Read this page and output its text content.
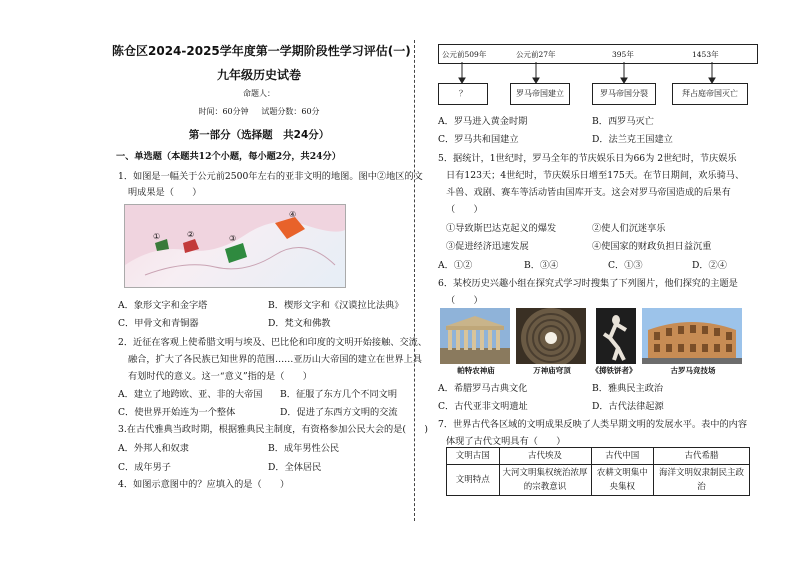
陈仓区2024-2025学年度第一学期阶段性学习评估(一)
九年级历史试卷
命题人：
时间：60分钟 试题分数：60分
第一部分（选择题　共24分）
一、单选题（本题共12个小题，每小题2分，共24分）
1．如图是一幅关于公元前2500年左右的亚非文明的地图。图中②地区的文
明成果是（　　）
①	②	③
④
A．象形文字和金字塔	B．楔形文字和《汉谟拉比法典》
C．甲骨文和青铜器	D．梵文和佛教
2．近征在客观上使希腊文明与埃及、巴比伦和印度的文明开始接触、交流、
融合，扩大了各民族已知世界的范围……亚历山大帝国的建立在世界上具
有划时代的意义。这一“意义”指的是（　　）
A．建立了地跨欧、亚、非的大帝国 B．征服了东方几个不同文明
C．使世界开始连为一个整体	D．促进了东西方文明的交流
3.在古代雅典当政时期，根据雅典民主制度，有资格参加公民大会的是(　　)
A．外邦人和奴隶	B．成年男性公民
C．成年男子	D．全体居民
4．如图示意图中的？应填入的是（　　）
公元前509年	公元前27年	395年	1453年
？	罗马帝国建立	罗马帝国分裂	拜占庭帝国灭亡
A．罗马进入黄金时期	B．西罗马灭亡
C．罗马共和国建立	D．法兰克王国建立
5．据统计，1世纪时，罗马全年的节庆娱乐日为66为 2世纪时，节庆娱乐
日有123天；4世纪时，节庆娱乐日增至175天。在节日期间，欢乐骑马、
斗兽、戏剧、赛车等活动皆由国库开支。这会对罗马帝国造成的后果有
（　　）
①导致斯巴达克起义的爆发	②使人们沉迷享乐
③促进经济迅速发展	④使国家的财政负担日益沉重
A．①②	B．③④	C．①③	D．②④
6．某校历史兴趣小组在探究式学习时搜集了下列图片，他们探究的主题是
（　　）
帕特农神庙	万神庙穹顶	《掷铁饼者》	古罗马竞技场
A．希腊罗马古典文化	B．雅典民主政治
C．古代亚非文明遗址	D．古代法律起源
7．世界古代各区域的文明成果反映了人类早期文明的发展水平。表中的内容
体现了古代文明具有（　　）
文明古国	古代埃及	古代中国	古代希腊
文明特点	大河文明集权统治浓厚的宗教意识	农耕文明集中央集权	海洋文明奴隶制民主政治
